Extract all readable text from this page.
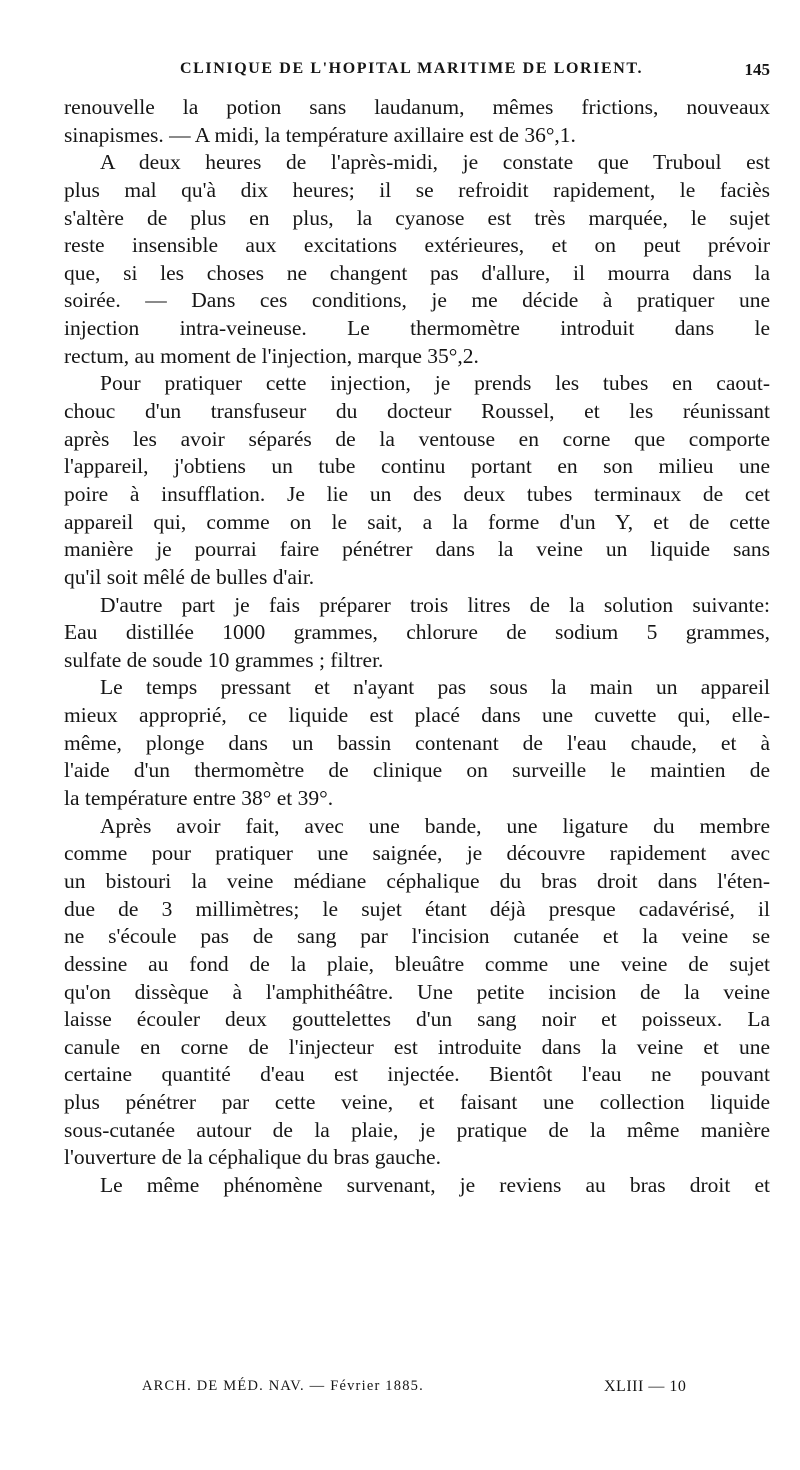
CLINIQUE DE L'HOPITAL MARITIME DE LORIENT.	145
renouvelle la potion sans laudanum, mêmes frictions, nouveaux
sinapismes. — A midi, la température axillaire est de 36°,1.
A deux heures de l'après-midi, je constate que Truboul est
plus mal qu'à dix heures; il se refroidit rapidement, le faciès
s'altère de plus en plus, la cyanose est très marquée, le sujet
reste insensible aux excitations extérieures, et on peut prévoir
que, si les choses ne changent pas d'allure, il mourra dans la
soirée. — Dans ces conditions, je me décide à pratiquer une
injection intra-veineuse. Le thermomètre introduit dans le
rectum, au moment de l'injection, marque 35°,2.
Pour pratiquer cette injection, je prends les tubes en caout-
chouc d'un transfuseur du docteur Roussel, et les réunissant
après les avoir séparés de la ventouse en corne que comporte
l'appareil, j'obtiens un tube continu portant en son milieu une
poire à insufflation. Je lie un des deux tubes terminaux de cet
appareil qui, comme on le sait, a la forme d'un Y, et de cette
manière je pourrai faire pénétrer dans la veine un liquide sans
qu'il soit mêlé de bulles d'air.
D'autre part je fais préparer trois litres de la solution suivante:
Eau distillée 1000 grammes, chlorure de sodium 5 grammes,
sulfate de soude 10 grammes ; filtrer.
Le temps pressant et n'ayant pas sous la main un appareil
mieux approprié, ce liquide est placé dans une cuvette qui, elle-
même, plonge dans un bassin contenant de l'eau chaude, et à
l'aide d'un thermomètre de clinique on surveille le maintien de
la température entre 38° et 39°.
Après avoir fait, avec une bande, une ligature du membre
comme pour pratiquer une saignée, je découvre rapidement avec
un bistouri la veine médiane céphalique du bras droit dans l'éten-
due de 3 millimètres; le sujet étant déjà presque cadavérisé, il
ne s'écoule pas de sang par l'incision cutanée et la veine se
dessine au fond de la plaie, bleuâtre comme une veine de sujet
qu'on dissèque à l'amphithéâtre. Une petite incision de la veine
laisse écouler deux gouttelettes d'un sang noir et poisseux. La
canule en corne de l'injecteur est introduite dans la veine et une
certaine quantité d'eau est injectée. Bientôt l'eau ne pouvant
plus pénétrer par cette veine, et faisant une collection liquide
sous-cutanée autour de la plaie, je pratique de la même manière
l'ouverture de la céphalique du bras gauche.
Le même phénomène survenant, je reviens au bras droit et
ARCH. DE MÉD. NAV. — Février 1885.	XLIII — 10
